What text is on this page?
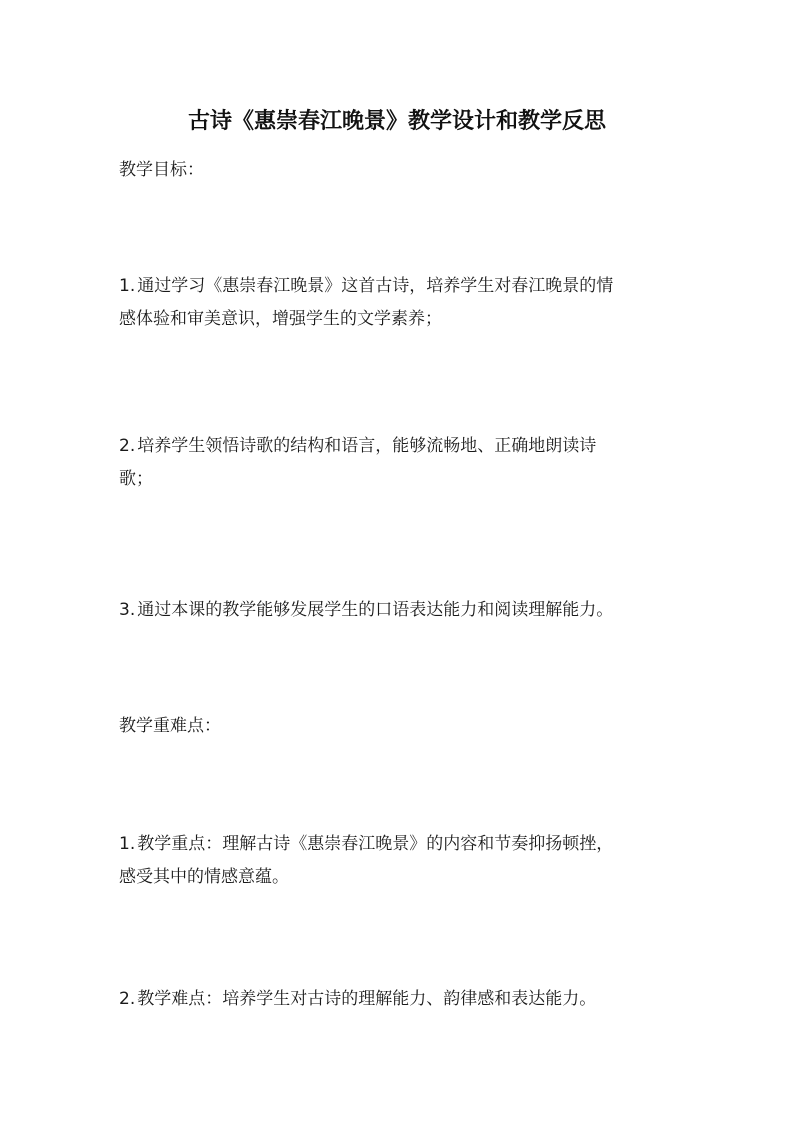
古诗《惠崇春江晚景》教学设计和教学反思
教学目标：
1. 通过学习《惠崇春江晚景》这首古诗，培养学生对春江晚景的情
感体验和审美意识，增强学生的文学素养；
2. 培养学生领悟诗歌的结构和语言，能够流畅地、正确地朗读诗
歌；
3. 通过本课的教学能够发展学生的口语表达能力和阅读理解能力。
教学重难点：
1. 教学重点：理解古诗《惠崇春江晚景》的内容和节奏抑扬顿挫，
感受其中的情感意蕴。
2. 教学难点：培养学生对古诗的理解能力、韵律感和表达能力。
